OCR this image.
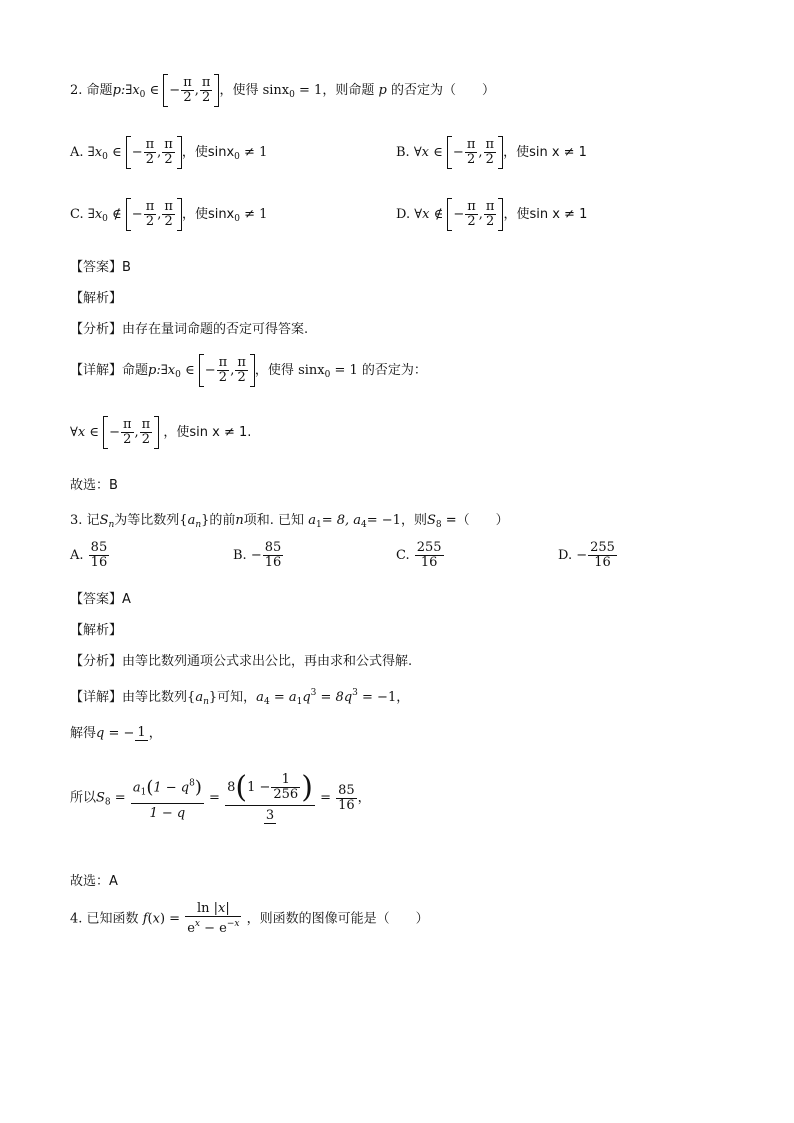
2. 命题$p:\exists x_0$ ∈ − $\frac{\pi}{2}$ , $\frac{\pi}{2}$ ，使得 sinx$_0$ = 1，则命题 p 的否定为（　　）
A. $\exists x_0$ ∈ − $\frac{\pi}{2}$ , $\frac{\pi}{2}$ ，使sinx$_0$ ≠ 1	B. ∀x ∈ − $\frac{\pi}{2}$ , $\frac{\pi}{2}$ ，使sin x ≠ 1
C. $\exists x_0$ ∉ − $\frac{\pi}{2}$ , $\frac{\pi}{2}$ ，使sinx$_0$ ≠ 1	D. ∀x ∉ − $\frac{\pi}{2}$ , $\frac{\pi}{2}$ ，使sin x ≠ 1
【答案】B
【解析】
【分析】由存在量词命题的否定可得答案.
【详解】命题$p:\exists x_0$ ∈ − $\frac{\pi}{2}$ , $\frac{\pi}{2}$ ，使得 sinx$_0$ = 1 的否定为：
∀x ∈ − $\frac{\pi}{2}$ , $\frac{\pi}{2}$ ，使sin x ≠ 1.
故选：B
3. 记$S_n$为等比数列$\{a_n\}$的前n项和. 已知 $a_1= 8$, $a_4= -1$，则$S_8$ =（　　）
A. $\frac{85}{16}$	B. − $\frac{85}{16}$	C. $\frac{255}{16}$	D. − $\frac{255}{16}$
【答案】A
【解析】
【分析】由等比数列通项公式求出公比，再由求和公式得解.
【详解】由等比数列$\{a_n\}$可知，$a_4 = a_1q^3 = 8q^3 = -1$，
解得q = − 1 ，
所以$S_8 = \frac{a_1(1 - q^8)}{1 - q} = \frac{8(1 - \frac{1}{256} )}{3} = \frac{85}{16}$ ，
故选：A
4. 已知函数 $f(x) = \frac{\ln |x|}{e^x - e^{-x}}$ ，则函数的图像可能是（　　）
